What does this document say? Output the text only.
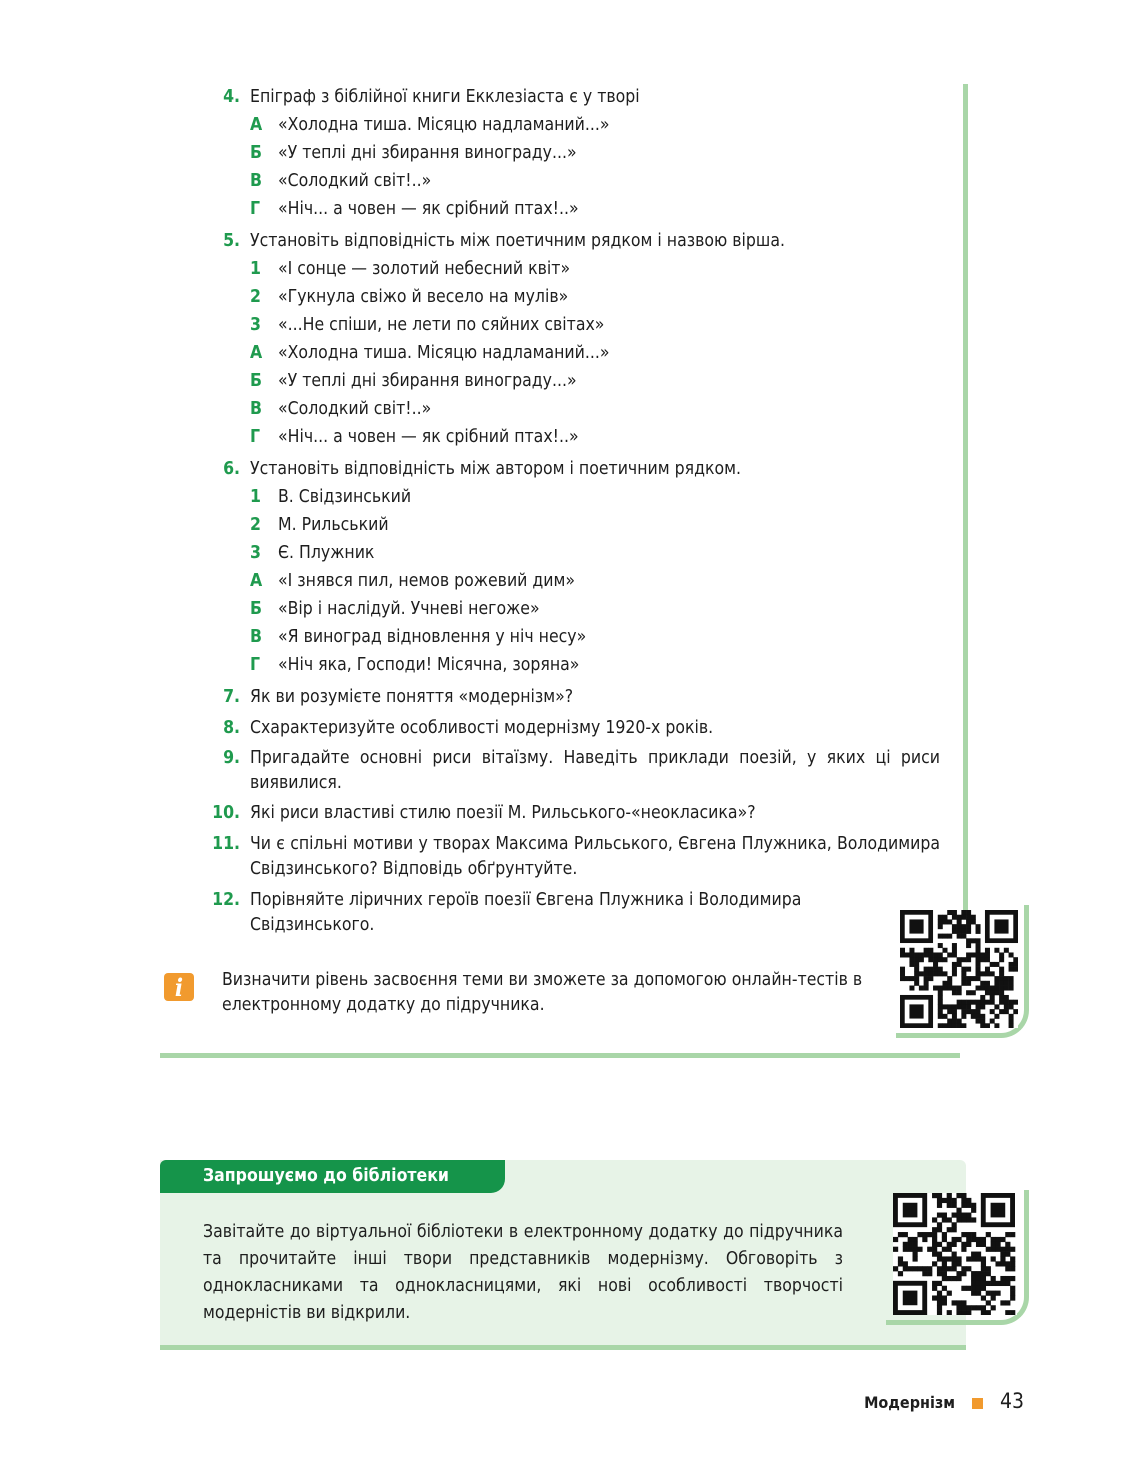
4. Епіграф з біблійної книги Екклезіаста є у творі
А «Холодна тиша. Місяцю надламаний...»
Б «У теплі дні збирання винограду...»
В «Солодкий світ!..»
Г «Ніч... а човен — як срібний птах!..»
5. Установіть відповідність між поетичним рядком і назвою вірша.
1 «І сонце — золотий небесний квіт»
2 «Гукнула свіжо й весело на мулів»
3 «...Не спіши, не лети по сяйних світах»
А «Холодна тиша. Місяцю надламаний...»
Б «У теплі дні збирання винограду...»
В «Солодкий світ!..»
Г «Ніч... а човен — як срібний птах!..»
6. Установіть відповідність між автором і поетичним рядком.
1 В. Свідзинський
2 М. Рильський
3 Є. Плужник
А «І знявся пил, немов рожевий дим»
Б «Вір і наслідуй. Учневі негоже»
В «Я виноград відновлення у ніч несу»
Г «Ніч яка, Господи! Місячна, зоряна»
7. Як ви розумієте поняття «модернізм»?
8. Схарактеризуйте особливості модернізму 1920-х років.
9. Пригадайте основні риси вітаїзму. Наведіть приклади поезій, у яких ці риси виявилися.
10. Які риси властиві стилю поезії М. Рильського-«неокласика»?
11. Чи є спільні мотиви у творах Максима Рильського, Євгена Плужника, Володимира Свідзинського? Відповідь обґрунтуйте.
12. Порівняйте ліричних героїв поезії Євгена Плужника і Володимира Свідзинського.
i	Визначити рівень засвоєння теми ви зможете за допомогою онлайн-тестів в електронному додатку до підручника.
Запрошуємо до бібліотеки
Завітайте до віртуальної бібліотеки в електронному додатку до підручника та прочитайте інші твори представників модернізму. Обговоріть з однокласниками та однокласницями, які нові особливості творчості модерністів ви відкрили.
Модернізм 43
